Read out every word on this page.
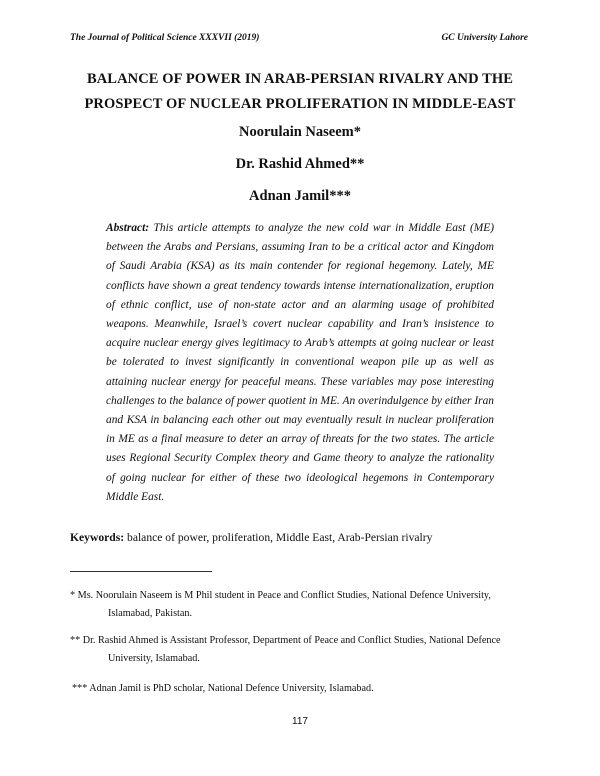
The Journal of Political Science XXXVII (2019)	GC University Lahore
BALANCE OF POWER IN ARAB-PERSIAN RIVALRY AND THE
PROSPECT OF NUCLEAR PROLIFERATION IN MIDDLE-EAST
Noorulain Naseem*
Dr. Rashid Ahmed**
Adnan Jamil***
Abstract: This article attempts to analyze the new cold war in Middle East (ME) between the Arabs and Persians, assuming Iran to be a critical actor and Kingdom of Saudi Arabia (KSA) as its main contender for regional hegemony. Lately, ME conflicts have shown a great tendency towards intense internationalization, eruption of ethnic conflict, use of non-state actor and an alarming usage of prohibited weapons. Meanwhile, Israel’s covert nuclear capability and Iran’s insistence to acquire nuclear energy gives legitimacy to Arab’s attempts at going nuclear or least be tolerated to invest significantly in conventional weapon pile up as well as attaining nuclear energy for peaceful means. These variables may pose interesting challenges to the balance of power quotient in ME. An overindulgence by either Iran and KSA in balancing each other out may eventually result in nuclear proliferation in ME as a final measure to deter an array of threats for the two states. The article uses Regional Security Complex theory and Game theory to analyze the rationality of going nuclear for either of these two ideological hegemons in Contemporary Middle East.
Keywords: balance of power, proliferation, Middle East, Arab-Persian rivalry
* Ms. Noorulain Naseem is M Phil student in Peace and Conflict Studies, National Defence University,
Islamabad, Pakistan.
** Dr. Rashid Ahmed is Assistant Professor, Department of Peace and Conflict Studies, National Defence
University, Islamabad.
*** Adnan Jamil is PhD scholar, National Defence University, Islamabad.
117
